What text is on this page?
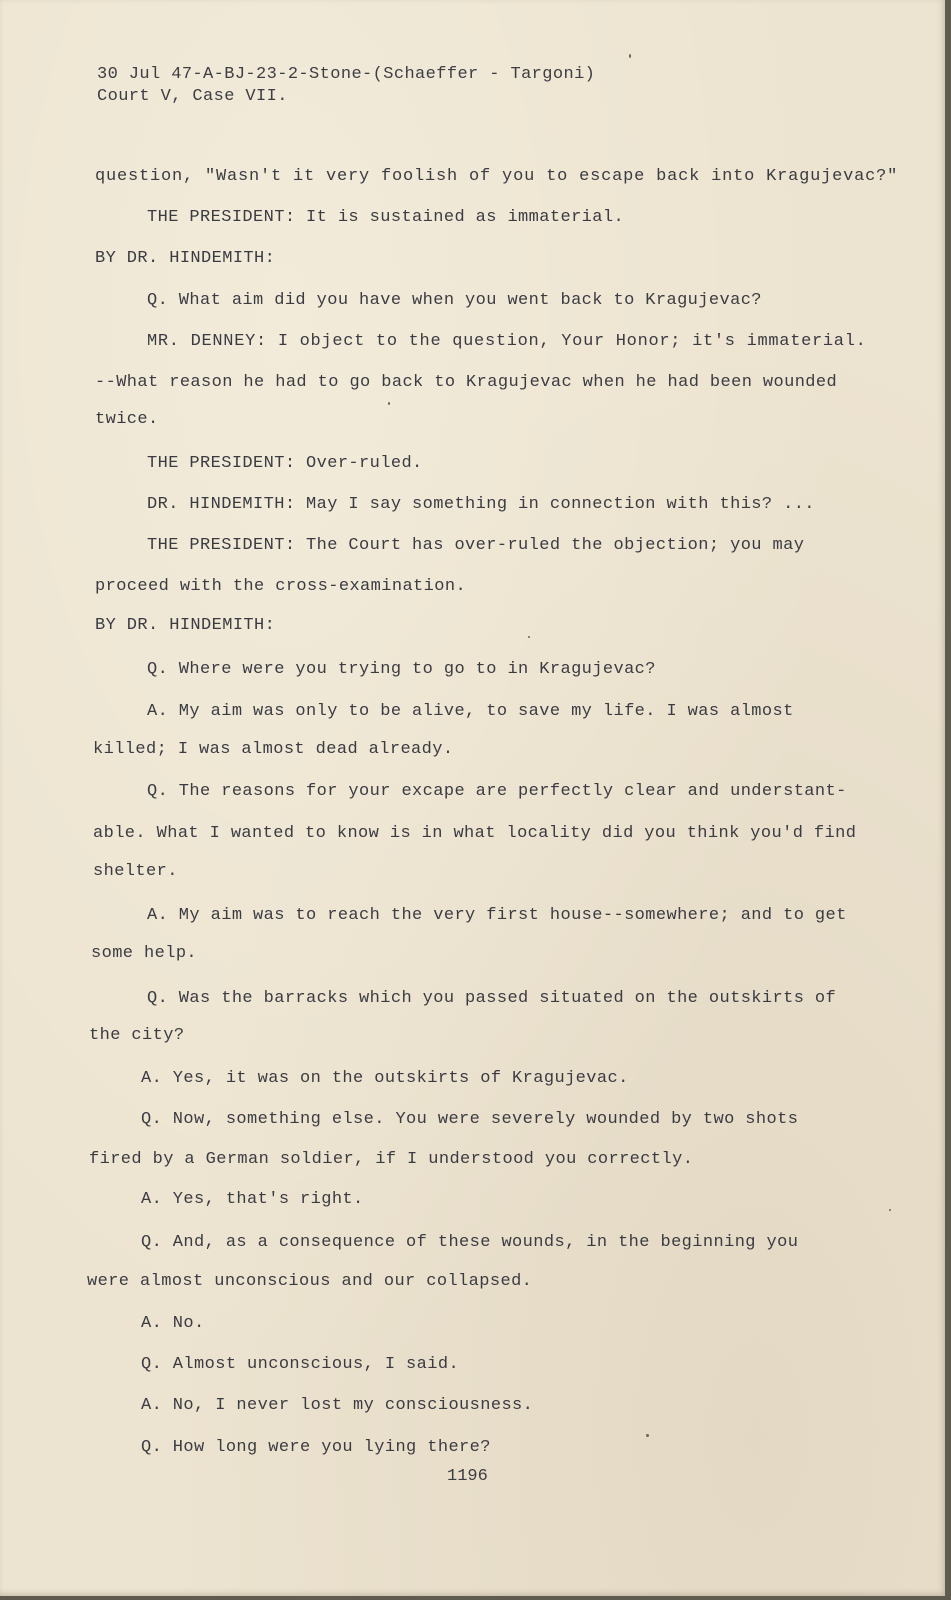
30 Jul 47-A-BJ-23-2-Stone-(Schaeffer - Targoni)
Court V, Case VII.
question, "Wasn't it very foolish of you to escape back into Kragujevac?"
THE PRESIDENT: It is sustained as immaterial.
BY DR. HINDEMITH:
Q. What aim did you have when you went back to Kragujevac?
MR. DENNEY: I object to the question, Your Honor; it's immaterial.
--What reason he had to go back to Kragujevac when he had been wounded
twice.
THE PRESIDENT: Over-ruled.
DR. HINDEMITH: May I say something in connection with this? ...
THE PRESIDENT: The Court has over-ruled the objection; you may
proceed with the cross-examination.
BY DR. HINDEMITH:
Q. Where were you trying to go to in Kragujevac?
A. My aim was only to be alive, to save my life. I was almost
killed; I was almost dead already.
Q. The reasons for your excape are perfectly clear and understant-
able. What I wanted to know is in what locality did you think you'd find
shelter.
A. My aim was to reach the very first house--somewhere; and to get
some help.
Q. Was the barracks which you passed situated on the outskirts of
the city?
A. Yes, it was on the outskirts of Kragujevac.
Q. Now, something else. You were severely wounded by two shots
fired by a German soldier, if I understood you correctly.
A. Yes, that's right.
Q. And, as a consequence of these wounds, in the beginning you
were almost unconscious and our collapsed.
A. No.
Q. Almost unconscious, I said.
A. No, I never lost my consciousness.
Q. How long were you lying there?
1196
